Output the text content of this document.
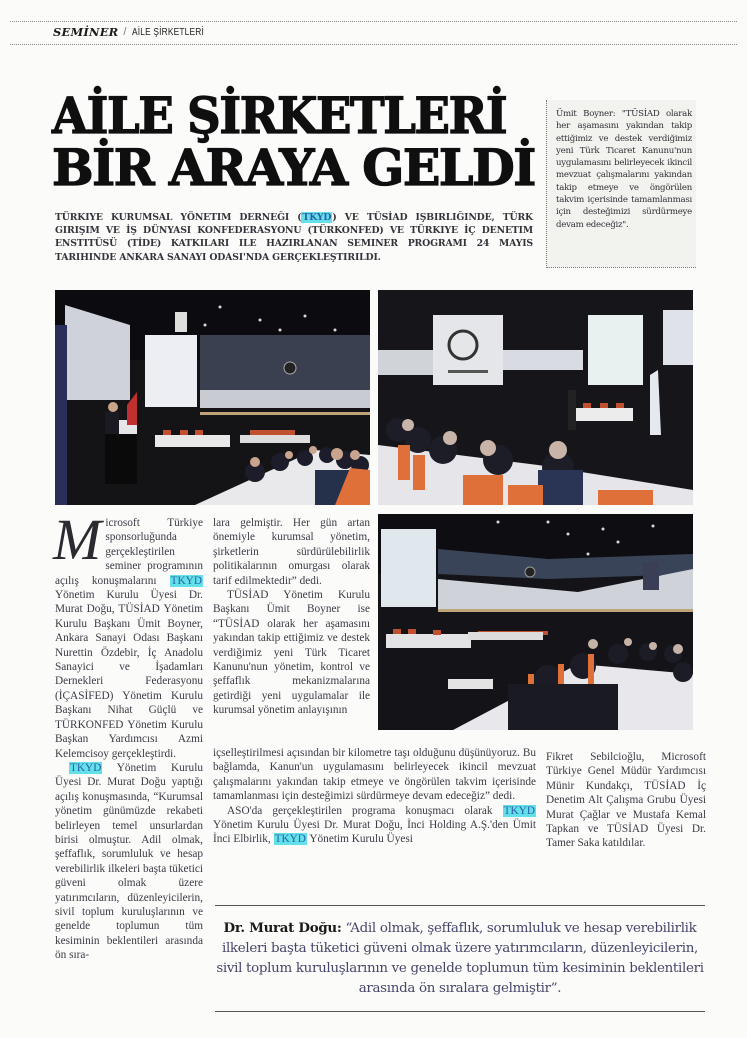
SEMİNER / AİLE ŞİRKETLERİ
AİLE ŞİRKETLERİ
BİR ARAYA GELDİ

Ümit Boyner: "TÜSİAD olarak her aşamasını yakından takip ettiğimiz ve destek verdiğimiz yeni Türk Ticaret Kanunu'nun uygulamasını belirleyecek ikincil mevzuat çalışmalarını yakından takip etmeye ve öngörülen takvim içerisinde tamamlanması için desteğimizi sürdürmeye devam edeceğiz".

TÜRKIYE KURUMSAL YÖNETIM DERNEĞI (TKYD) VE TÜSİAD IŞBIRLIĞINDE, TÜRK GIRIŞIM VE İŞ DÜNYASI KONFEDERASYONU (TÜRKONFED) VE TÜRKIYE İÇ DENETIM ENSTITÜSÜ (TİDE) KATKILARI ILE HAZIRLANAN SEMINER PROGRAMI 24 MAYIS TARIHINDE ANKARA SANAYI ODASI'NDA GERÇEKLEŞTIRILDI.

Microsoft Türkiye sponsorluğunda gerçekleştirilen seminer programının açılış konuşmalarını TKYD Yönetim Kurulu Üyesi Dr. Murat Doğu, TÜSİAD Yönetim Kurulu Başkanı Ümit Boyner, Ankara Sanayi Odası Başkanı Nurettin Özdebir, İç Anadolu Sanayici ve İşadamları Dernekleri Federasyonu (İÇASİFED) Yönetim Kurulu Başkanı Nihat Güçlü ve TÜRKONFED Yönetim Kurulu Başkan Yardımcısı Azmi Kelemcisoy gerçekleştirdi.

TKYD Yönetim Kurulu Üyesi Dr. Murat Doğu yaptığı açılış konuşmasında, “Kurumsal yönetim günümüzde rekabeti belirleyen temel unsurlardan birisi olmuştur. Adil olmak, şeffaflık, sorumluluk ve hesap verebilirlik ilkeleri başta tüketici güveni olmak üzere yatırımcıların, düzenleyicilerin, sivil toplum kuruluşlarının ve genelde toplumun tüm kesiminin beklentileri arasında ön sıra-

lara gelmiştir. Her gün artan önemiyle kurumsal yönetim, şirketlerin sürdürülebilirlik politikalarının omurgası olarak tarif edilmektedir” dedi.

TÜSİAD Yönetim Kurulu Başkanı Ümit Boyner ise “TÜSİAD olarak her aşamasını yakından takip ettiğimiz ve destek verdiğimiz yeni Türk Ticaret Kanunu'nun yönetim, kontrol ve şeffaflık mekanizmalarına getirdiği yeni uygulamalar ile kurumsal yönetim anlayışının

içselleştirilmesi açısından bir kilometre taşı olduğunu düşünüyoruz. Bu bağlamda, Kanun'un uygulamasını belirleyecek ikincil mevzuat çalışmalarını yakından takip etmeye ve öngörülen takvim içerisinde tamamlanması için desteğimizi sürdürmeye devam edeceğiz” dedi.

ASO'da gerçekleştirilen programa konuşmacı olarak TKYD Yönetim Kurulu Üyesi Dr. Murat Doğu, İnci Holding A.Ş.'den Ümit İnci Elbirlik, TKYD Yönetim Kurulu Üyesi

Fikret Sebilcioğlu, Microsoft Türkiye Genel Müdür Yardımcısı Münir Kundakçı, TÜSİAD İç Denetim Alt Çalışma Grubu Üyesi Murat Çağlar ve Mustafa Kemal Tapkan ve TÜSİAD Üyesi Dr. Tamer Saka katıldılar.

Dr. Murat Doğu: “Adil olmak, şeffaflık, sorumluluk ve hesap verebilirlik ilkeleri başta tüketici güveni olmak üzere yatırımcıların, düzenleyicilerin, sivil toplum kuruluşlarının ve genelde toplumun tüm kesiminin beklentileri arasında ön sıralara gelmiştir”.
